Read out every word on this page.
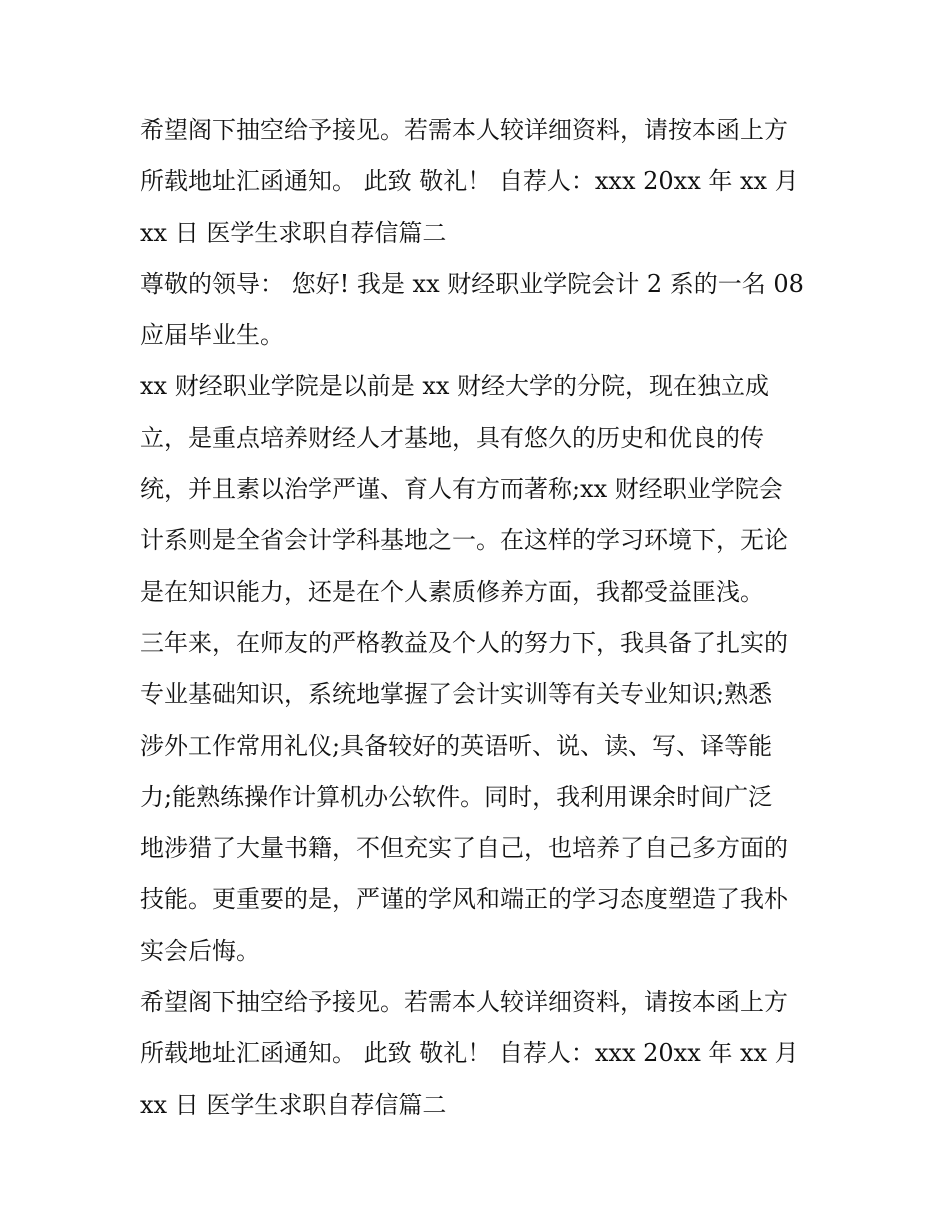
希望阁下抽空给予接见。若需本人较详细资料，请按本函上方
所载地址汇函通知。 此致 敬礼！ 自荐人：xxx 20xx 年 xx 月
xx 日 医学生求职自荐信篇二
尊敬的领导： 您好! 我是 xx 财经职业学院会计 2 系的一名 08
应届毕业生。
xx 财经职业学院是以前是 xx 财经大学的分院，现在独立成
立，是重点培养财经人才基地，具有悠久的历史和优良的传
统，并且素以治学严谨、育人有方而著称;xx 财经职业学院会
计系则是全省会计学科基地之一。在这样的学习环境下，无论
是在知识能力，还是在个人素质修养方面，我都受益匪浅。
三年来，在师友的严格教益及个人的努力下，我具备了扎实的
专业基础知识，系统地掌握了会计实训等有关专业知识;熟悉
涉外工作常用礼仪;具备较好的英语听、说、读、写、译等能
力;能熟练操作计算机办公软件。同时，我利用课余时间广泛
地涉猎了大量书籍，不但充实了自己，也培养了自己多方面的
技能。更重要的是，严谨的学风和端正的学习态度塑造了我朴
实会后悔。
希望阁下抽空给予接见。若需本人较详细资料，请按本函上方
所载地址汇函通知。 此致 敬礼！ 自荐人：xxx 20xx 年 xx 月
xx 日 医学生求职自荐信篇二
